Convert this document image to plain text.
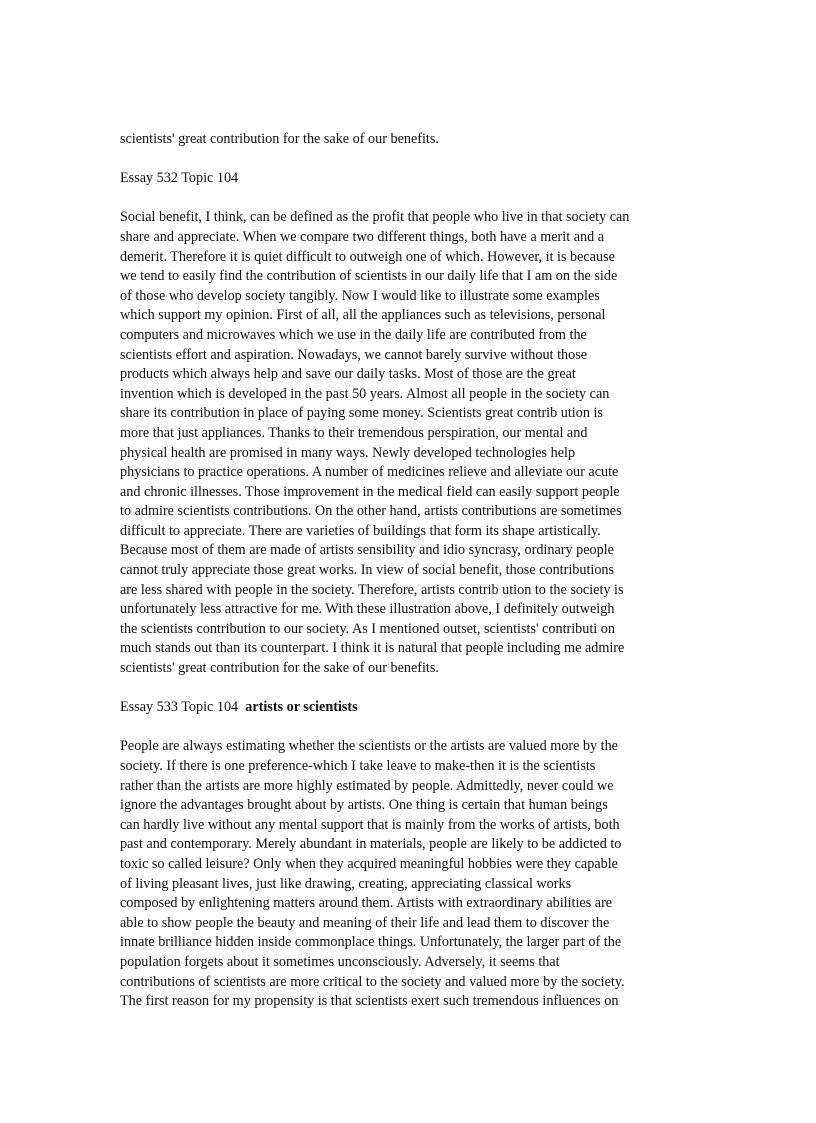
scientists' great contribution for the sake of our benefits.

Essay 532 Topic 104

Social benefit, I think, can be defined as the profit that people who live in that society can
share and appreciate. When we compare two different things, both have a merit and a
demerit. Therefore it is quiet difficult to outweigh one of which. However, it is because
we tend to easily find the contribution of scientists in our daily life that I am on the side
of those who develop society tangibly. Now I would like to illustrate some examples
which support my opinion. First of all, all the appliances such as televisions, personal
computers and microwaves which we use in the daily life are contributed from the
scientists effort and aspiration. Nowadays, we cannot barely survive without those
products which always help and save our daily tasks. Most of those are the great
invention which is developed in the past 50 years. Almost all people in the society can
share its contribution in place of paying some money. Scientists great contrib ution is
more that just appliances. Thanks to their tremendous perspiration, our mental and
physical health are promised in many ways. Newly developed technologies help
physicians to practice operations. A number of medicines relieve and alleviate our acute
and chronic illnesses. Those improvement in the medical field can easily support people
to admire scientists contributions. On the other hand, artists contributions are sometimes
difficult to appreciate. There are varieties of buildings that form its shape artistically.
Because most of them are made of artists sensibility and idio syncrasy, ordinary people
cannot truly appreciate those great works. In view of social benefit, those contributions
are less shared with people in the society. Therefore, artists contrib ution to the society is
unfortunately less attractive for me. With these illustration above, I definitely outweigh
the scientists contribution to our society. As I mentioned outset, scientists' contributi on
much stands out than its counterpart. I think it is natural that people including me admire
scientists' great contribution for the sake of our benefits.

Essay 533 Topic 104 artists or scientists

People are always estimating whether the scientists or the artists are valued more by the
society. If there is one preference-which I take leave to make-then it is the scientists
rather than the artists are more highly estimated by people. Admittedly, never could we
ignore the advantages brought about by artists. One thing is certain that human beings
can hardly live without any mental support that is mainly from the works of artists, both
past and contemporary. Merely abundant in materials, people are likely to be addicted to
toxic so called leisure? Only when they acquired meaningful hobbies were they capable
of living pleasant lives, just like drawing, creating, appreciating classical works
composed by enlightening matters around them. Artists with extraordinary abilities are
able to show people the beauty and meaning of their life and lead them to discover the
innate brilliance hidden inside commonplace things. Unfortunately, the larger part of the
population forgets about it sometimes unconsciously. Adversely, it seems that
contributions of scientists are more critical to the society and valued more by the society.
The first reason for my propensity is that scientists exert such tremendous influences on
